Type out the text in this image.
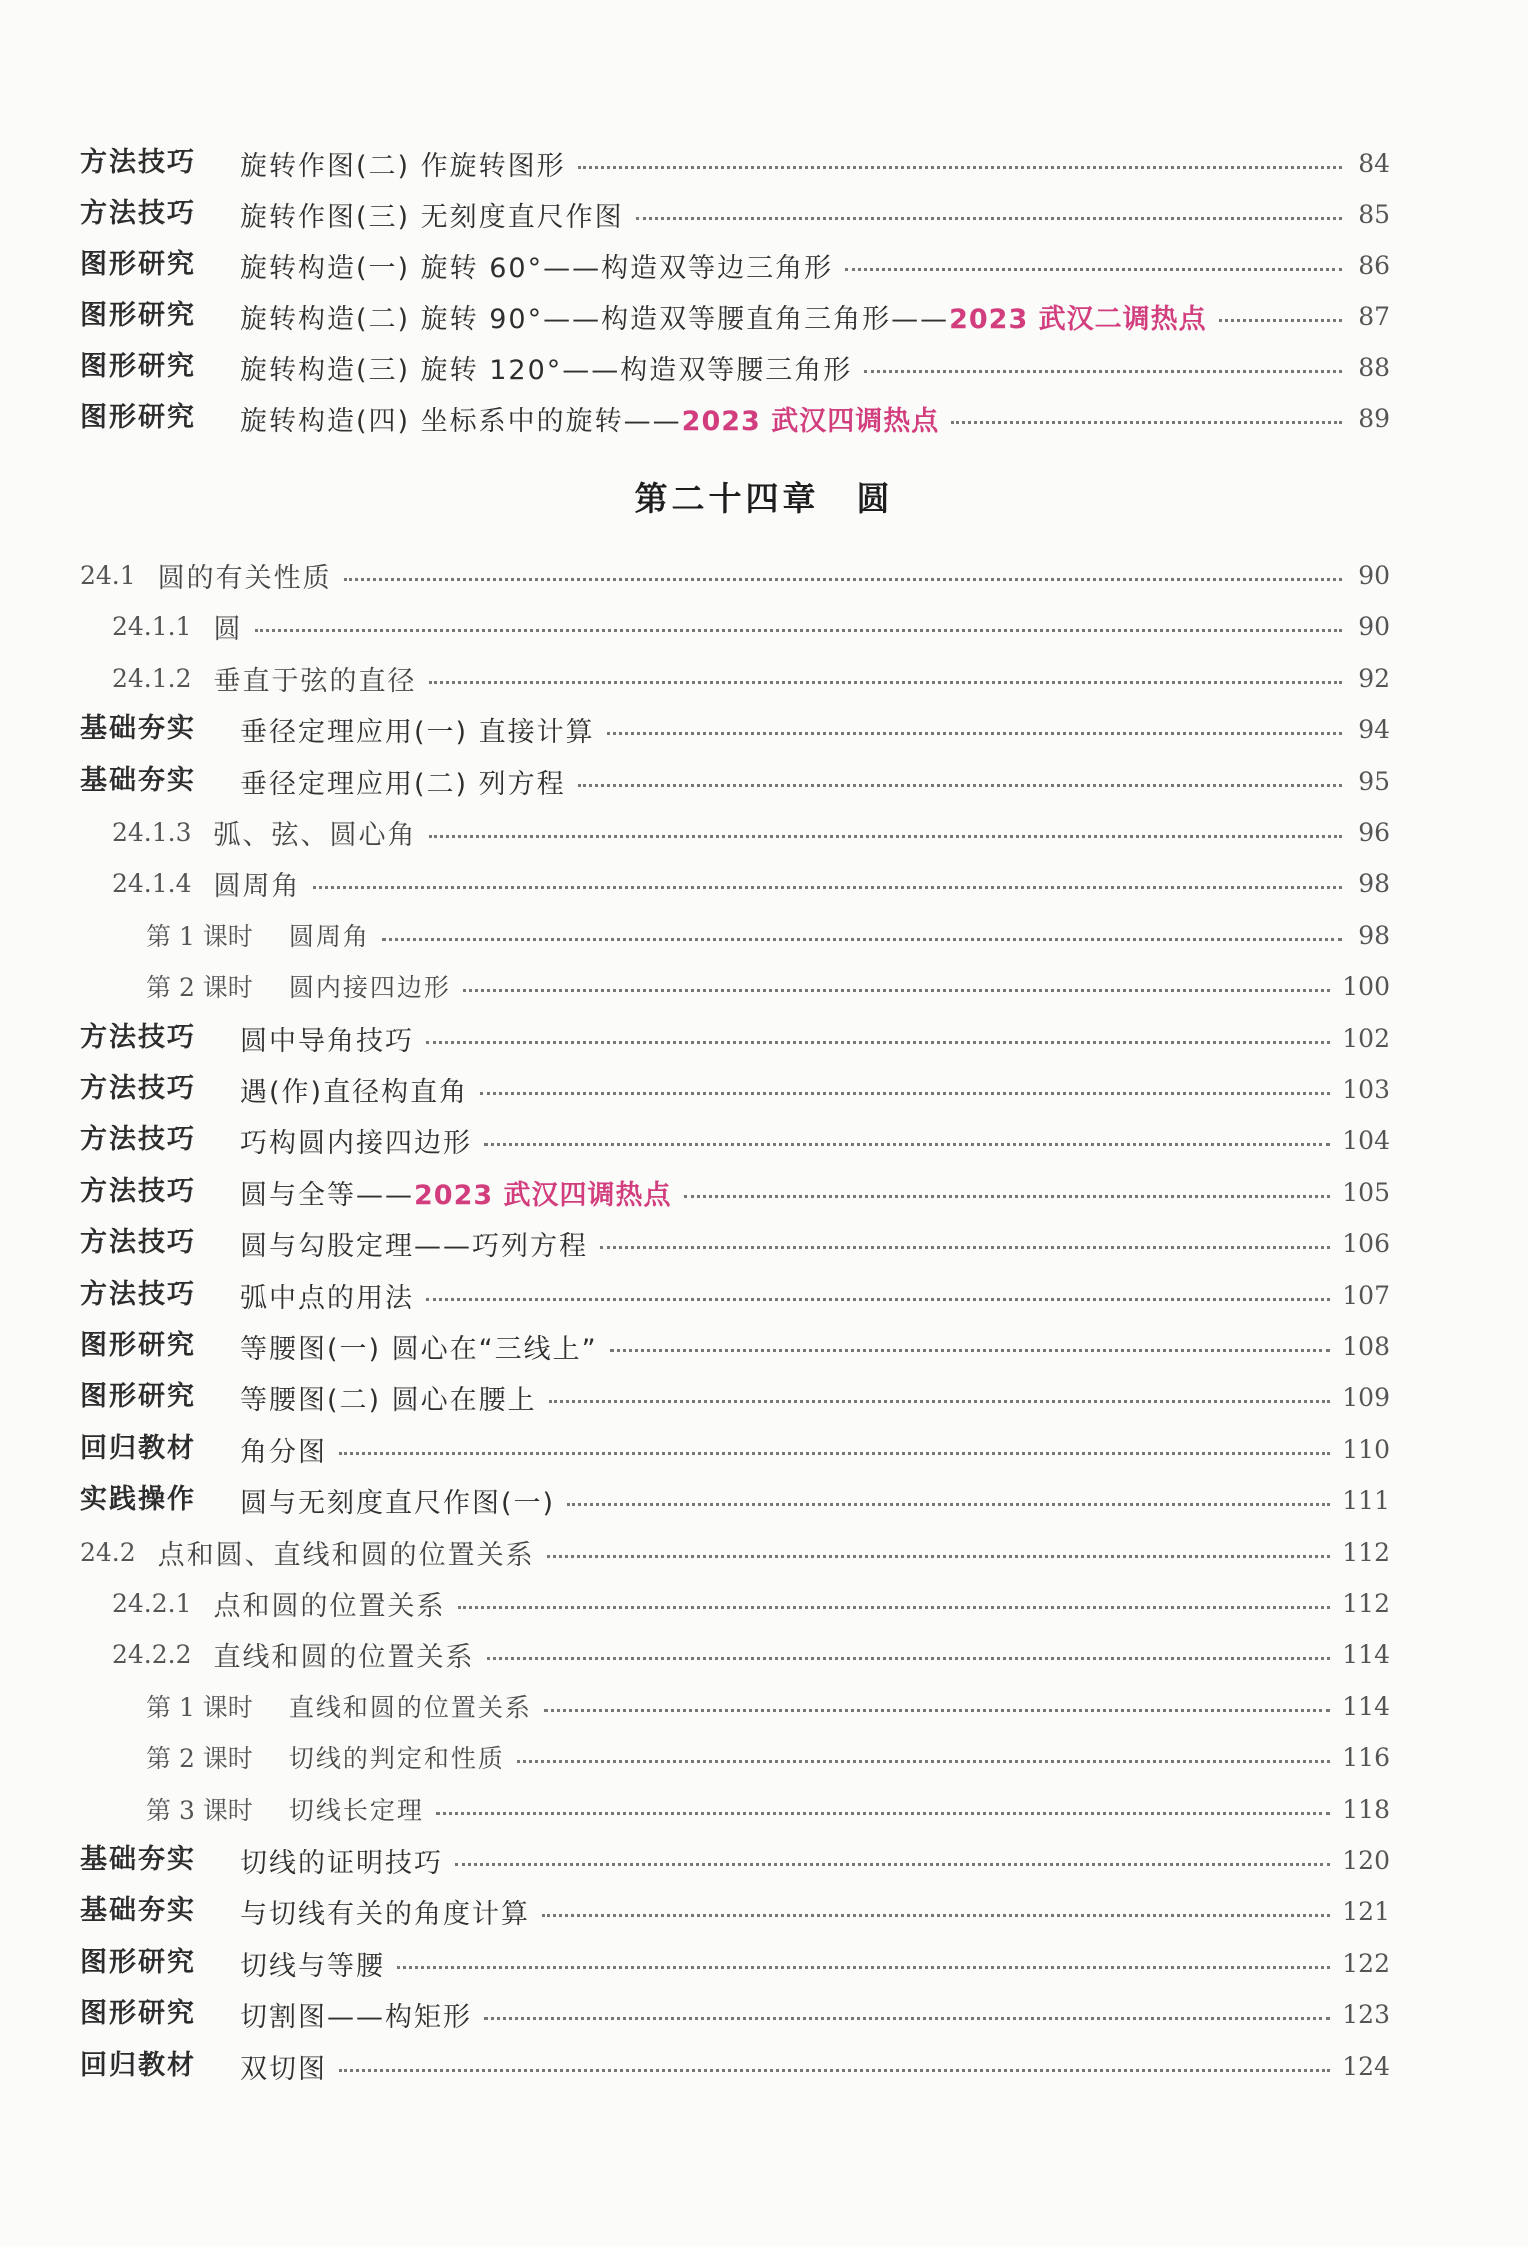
方法技巧 旋转作图(二) 作旋转图形	84
方法技巧 旋转作图(三) 无刻度直尺作图	85
图形研究 旋转构造(一) 旋转 60°——构造双等边三角形	86
图形研究 旋转构造(二) 旋转 90°——构造双等腰直角三角形——2023 武汉二调热点	87
图形研究 旋转构造(三) 旋转 120°——构造双等腰三角形	88
图形研究 旋转构造(四) 坐标系中的旋转——2023 武汉四调热点	89
第二十四章　圆
24.1 圆的有关性质	90
24.1.1 圆	90
24.1.2 垂直于弦的直径	92
基础夯实 垂径定理应用(一) 直接计算	94
基础夯实 垂径定理应用(二) 列方程	95
24.1.3 弧、弦、圆心角	96
24.1.4 圆周角	98
第 1 课时 圆周角	98
第 2 课时 圆内接四边形	100
方法技巧 圆中导角技巧	102
方法技巧 遇(作)直径构直角	103
方法技巧 巧构圆内接四边形	104
方法技巧 圆与全等——2023 武汉四调热点	105
方法技巧 圆与勾股定理——巧列方程	106
方法技巧 弧中点的用法	107
图形研究 等腰图(一) 圆心在“三线上”	108
图形研究 等腰图(二) 圆心在腰上	109
回归教材 角分图	110
实践操作 圆与无刻度直尺作图(一)	111
24.2 点和圆、直线和圆的位置关系	112
24.2.1 点和圆的位置关系	112
24.2.2 直线和圆的位置关系	114
第 1 课时 直线和圆的位置关系	114
第 2 课时 切线的判定和性质	116
第 3 课时 切线长定理	118
基础夯实 切线的证明技巧	120
基础夯实 与切线有关的角度计算	121
图形研究 切线与等腰	122
图形研究 切割图——构矩形	123
回归教材 双切图	124
